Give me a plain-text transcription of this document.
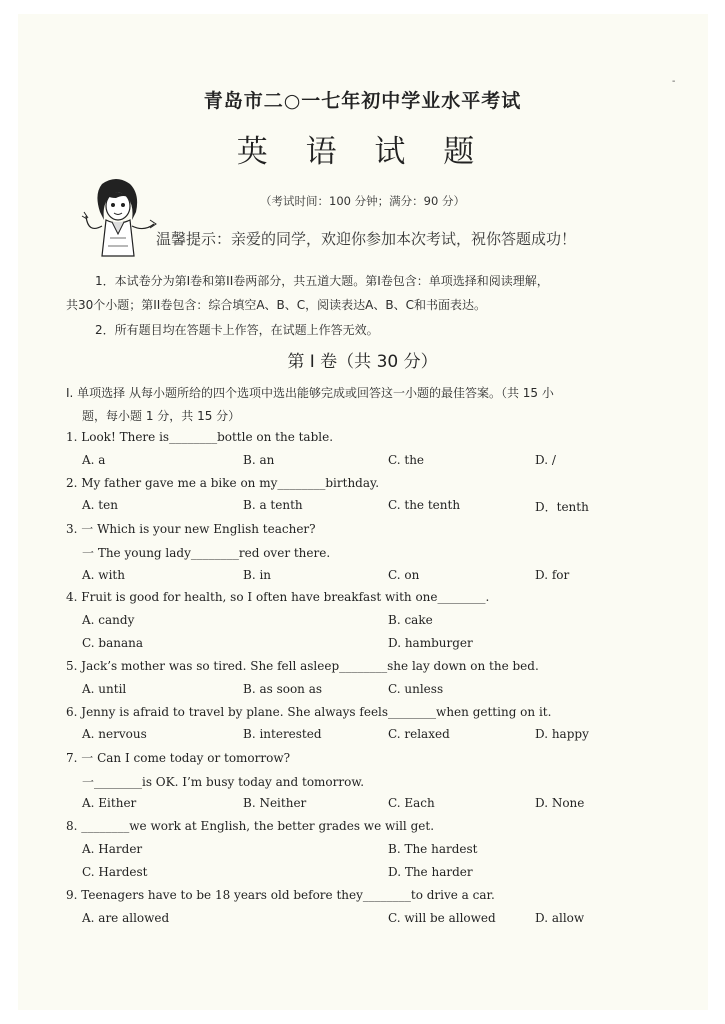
-
青岛市二○一七年初中学业水平考试
英 语 试 题
（考试时间：100 分钟；满分：90 分）
温馨提示：亲爱的同学，欢迎你参加本次考试，祝你答题成功！
1．本试卷分为第I卷和第II卷两部分，共五道大题。第I卷包含：单项选择和阅读理解，
共30个小题；第II卷包含：综合填空A、B、C，阅读表达A、B、C和书面表达。
2．所有题目均在答题卡上作答，在试题上作答无效。
第 I 卷（共 30 分）
I. 单项选择 从每小题所给的四个选项中选出能够完成或回答这一小题的最佳答案。（共 15 小
题，每小题 1 分，共 15 分）
1. Look! There is________bottle on the table.
A. a	B. an	C. the	D. /
2. My father gave me a bike on my________birthday.
A. ten	B. a tenth	C. the tenth	D．tenth
3. 一 Which is your new English teacher?
一 The young lady________red over there.
A. with	B. in	C. on	D. for
4. Fruit is good for health, so I often have breakfast with one________.
A. candy	B. cake
C. banana	D. hamburger
5. Jack’s mother was so tired. She fell asleep________she lay down on the bed.
A. until	B. as soon as	C. unless
6. Jenny is afraid to travel by plane. She always feels________when getting on it.
A. nervous	B. interested	C. relaxed	D. happy
7. 一 Can I come today or tomorrow?
一________is OK. I’m busy today and tomorrow.
A. Either	B. Neither	C. Each	D. None
8. ________we work at English, the better grades we will get.
A. Harder	B. The hardest
C. Hardest	D. The harder
9. Teenagers have to be 18 years old before they________to drive a car.
A. are allowed	C. will be allowed	D. allow
